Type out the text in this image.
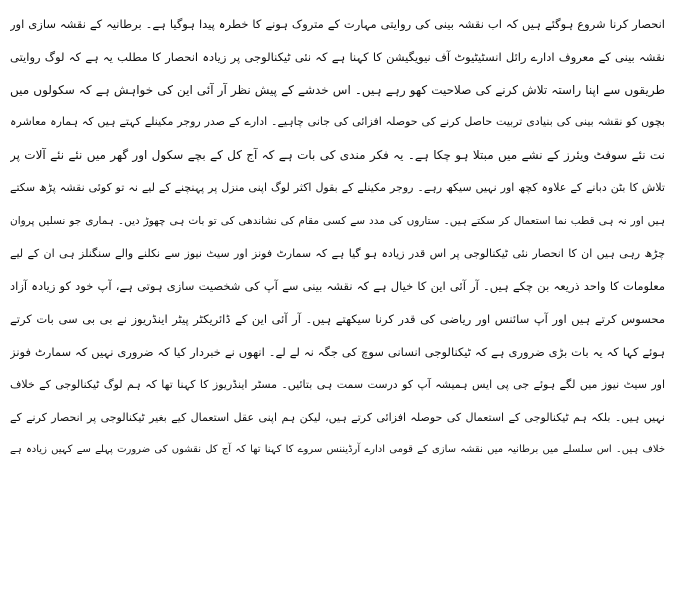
انحصار کرنا شروع ہوگئے ہیں کہ اب نقشہ بینی کی روایتی مہارت کے متروک ہونے کا خطرہ پیدا ہوگیا ہے۔ برطانیہ کے نقشہ سازی اور
نقشہ بینی کے معروف ادارے رائل انسٹیٹیوٹ آف نیویگیشن کا کہنا ہے کہ نئی ٹیکنالوجی پر زیادہ انحصار کا مطلب یہ ہے کہ لوگ روایتی
طریقوں سے اپنا راستہ تلاش کرنے کی صلاحیت کھو رہے ہیں۔ اس خدشے کے پیش نظر آر آئی این کی خواہش ہے کہ سکولوں میں
بچوں کو نقشہ بینی کی بنیادی تربیت حاصل کرنے کی حوصلہ افزائی کی جانی چاہیے۔ ادارے کے صدر روجر مکینلے کہتے ہیں کہ ہمارہ معاشرہ
نت نئے سوفٹ ویئرز کے نشے میں مبتلا ہو چکا ہے۔ یہ فکر مندی کی بات ہے کہ آج کل کے بچے سکول اور گھر میں نئے نئے آلات پر
تلاش کا بٹن دبانے کے علاوہ کچھ اور نہیں سیکھ رہے۔ روجر مکینلے کے بقول اکثر لوگ اپنی منزل پر پہنچنے کے لیے نہ تو کوئی نقشہ پڑھ سکتے
ہیں اور نہ ہی قطب نما استعمال کر سکتے ہیں۔ ستاروں کی مدد سے کسی مقام کی نشاندھی کی تو بات ہی چھوڑ دیں۔ ہماری جو نسلیں پروان
چڑھ رہی ہیں ان کا انحصار نئی ٹیکنالوجی پر اس قدر زیادہ ہو گیا ہے کہ سمارٹ فونز اور سیٹ نیوز سے نکلنے والے سنگنلز ہی ان کے لیے
معلومات کا واحد ذریعہ بن چکے ہیں۔ آر آئی این کا خیال ہے کہ نقشہ بینی سے آپ کی شخصیت سازی ہوتی ہے، آپ خود کو زیادہ آزاد
محسوس کرتے ہیں اور آپ سائنس اور ریاضی کی قدر کرنا سیکھتے ہیں۔ آر آئی این کے ڈائریکٹر پیٹر اینڈریوز نے بی بی سی بات کرتے
ہوئے کہا کہ یہ بات بڑی ضروری ہے کہ ٹیکنالوجی انسانی سوچ کی جگہ نہ لے لے۔ انھوں نے خبردار کیا کہ ضروری نہیں کہ سمارٹ فونز
اور سیٹ نیوز میں لگے ہوئے جی پی ایس ہمیشہ آپ کو درست سمت ہی بتائیں۔ مسٹر اینڈریوز کا کہنا تھا کہ ہم لوگ ٹیکنالوجی کے خلاف
نہیں ہیں۔ بلکہ ہم ٹیکنالوجی کے استعمال کی حوصلہ افزائی کرتے ہیں، لیکن ہم اپنی عقل استعمال کیے بغیر ٹیکنالوجی پر انحصار کرنے کے
خلاف ہیں۔ اس سلسلے میں برطانیہ میں نقشہ سازی کے قومی ادارے آرڈیننس سروے کا کہنا تھا کہ آج کل نقشوں کی ضرورت پہلے سے کہیں زیادہ ہے
